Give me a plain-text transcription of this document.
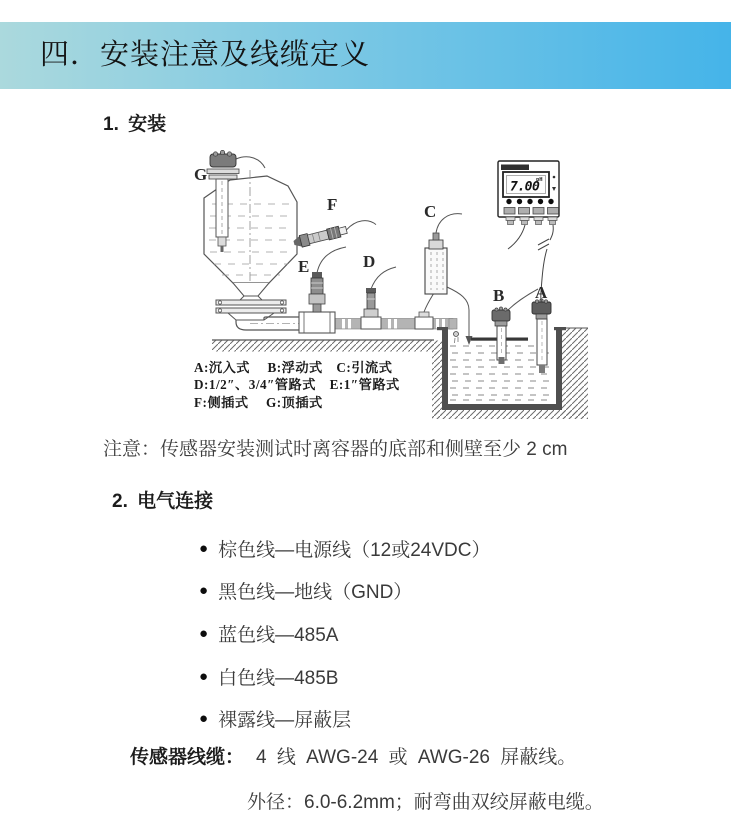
四．安装注意及线缆定义
1. 安装
7.00
pH
G
F
E	D
C
B A
A:沉入式　 B:浮动式　C:引流式
D:1/2″、3/4″管路式　E:1″管路式
F:侧插式　 G:顶插式
注意：传感器安装测试时离容器的底部和侧壁至少 2 cm
2. 电气连接
● 棕色线—电源线（12或24VDC）
● 黑色线—地线（GND）
● 蓝色线—485A
● 白色线—485B
● 裸露线—屏蔽层
传感器线缆： 4 线 AWG-24 或 AWG-26 屏蔽线。
外径：6.0-6.2mm；耐弯曲双绞屏蔽电缆。
